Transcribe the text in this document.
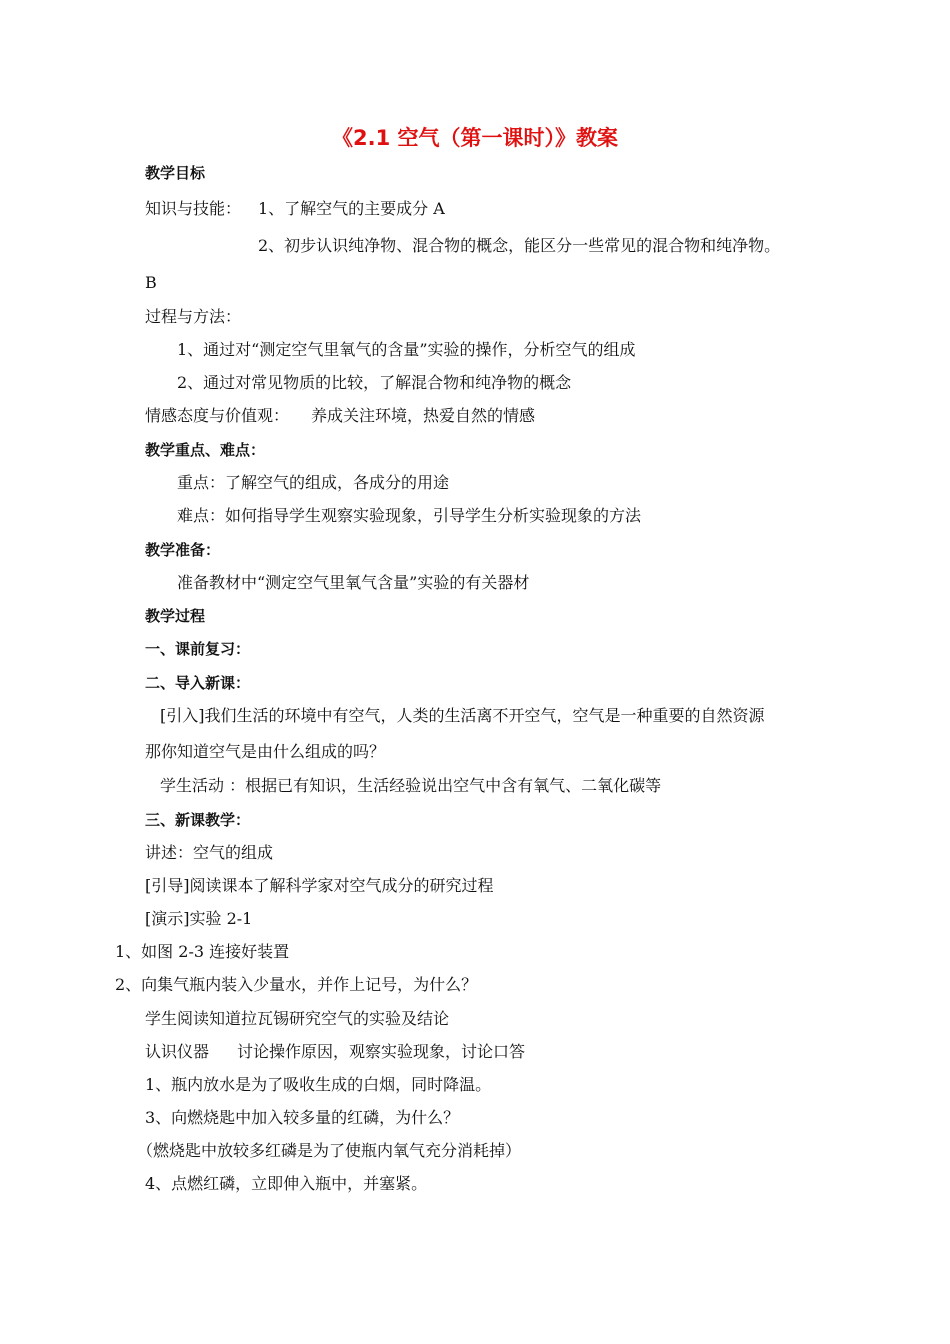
《2.1 空气（第一课时）》教案
教学目标
知识与技能： 1、了解空气的主要成分 A
2、初步认识纯净物、混合物的概念，能区分一些常见的混合物和纯净物。
B
过程与方法：
1、通过对“测定空气里氧气的含量”实验的操作，分析空气的组成
2、通过对常见物质的比较，了解混合物和纯净物的概念
情感态度与价值观： 养成关注环境，热爱自然的情感
教学重点、难点：
重点：了解空气的组成，各成分的用途
难点：如何指导学生观察实验现象，引导学生分析实验现象的方法
教学准备：
准备教材中“测定空气里氧气含量”实验的有关器材
教学过程
一、课前复习：
二、导入新课：
[引入]我们生活的环境中有空气，人类的生活离不开空气，空气是一种重要的自然资源
那你知道空气是由什么组成的吗？
学生活动 ：根据已有知识，生活经验说出空气中含有氧气、二氧化碳等
三、新课教学：
讲述：空气的组成
[引导]阅读课本了解科学家对空气成分的研究过程
[演示]实验 2-1
1、如图 2-3 连接好装置
2、向集气瓶内装入少量水，并作上记号，为什么？
学生阅读知道拉瓦锡研究空气的实验及结论
认识仪器 讨论操作原因，观察实验现象，讨论口答
1、瓶内放水是为了吸收生成的白烟，同时降温。
3、向燃烧匙中加入较多量的红磷，为什么？
（燃烧匙中放较多红磷是为了使瓶内氧气充分消耗掉）
4、点燃红磷，立即伸入瓶中，并塞紧。
